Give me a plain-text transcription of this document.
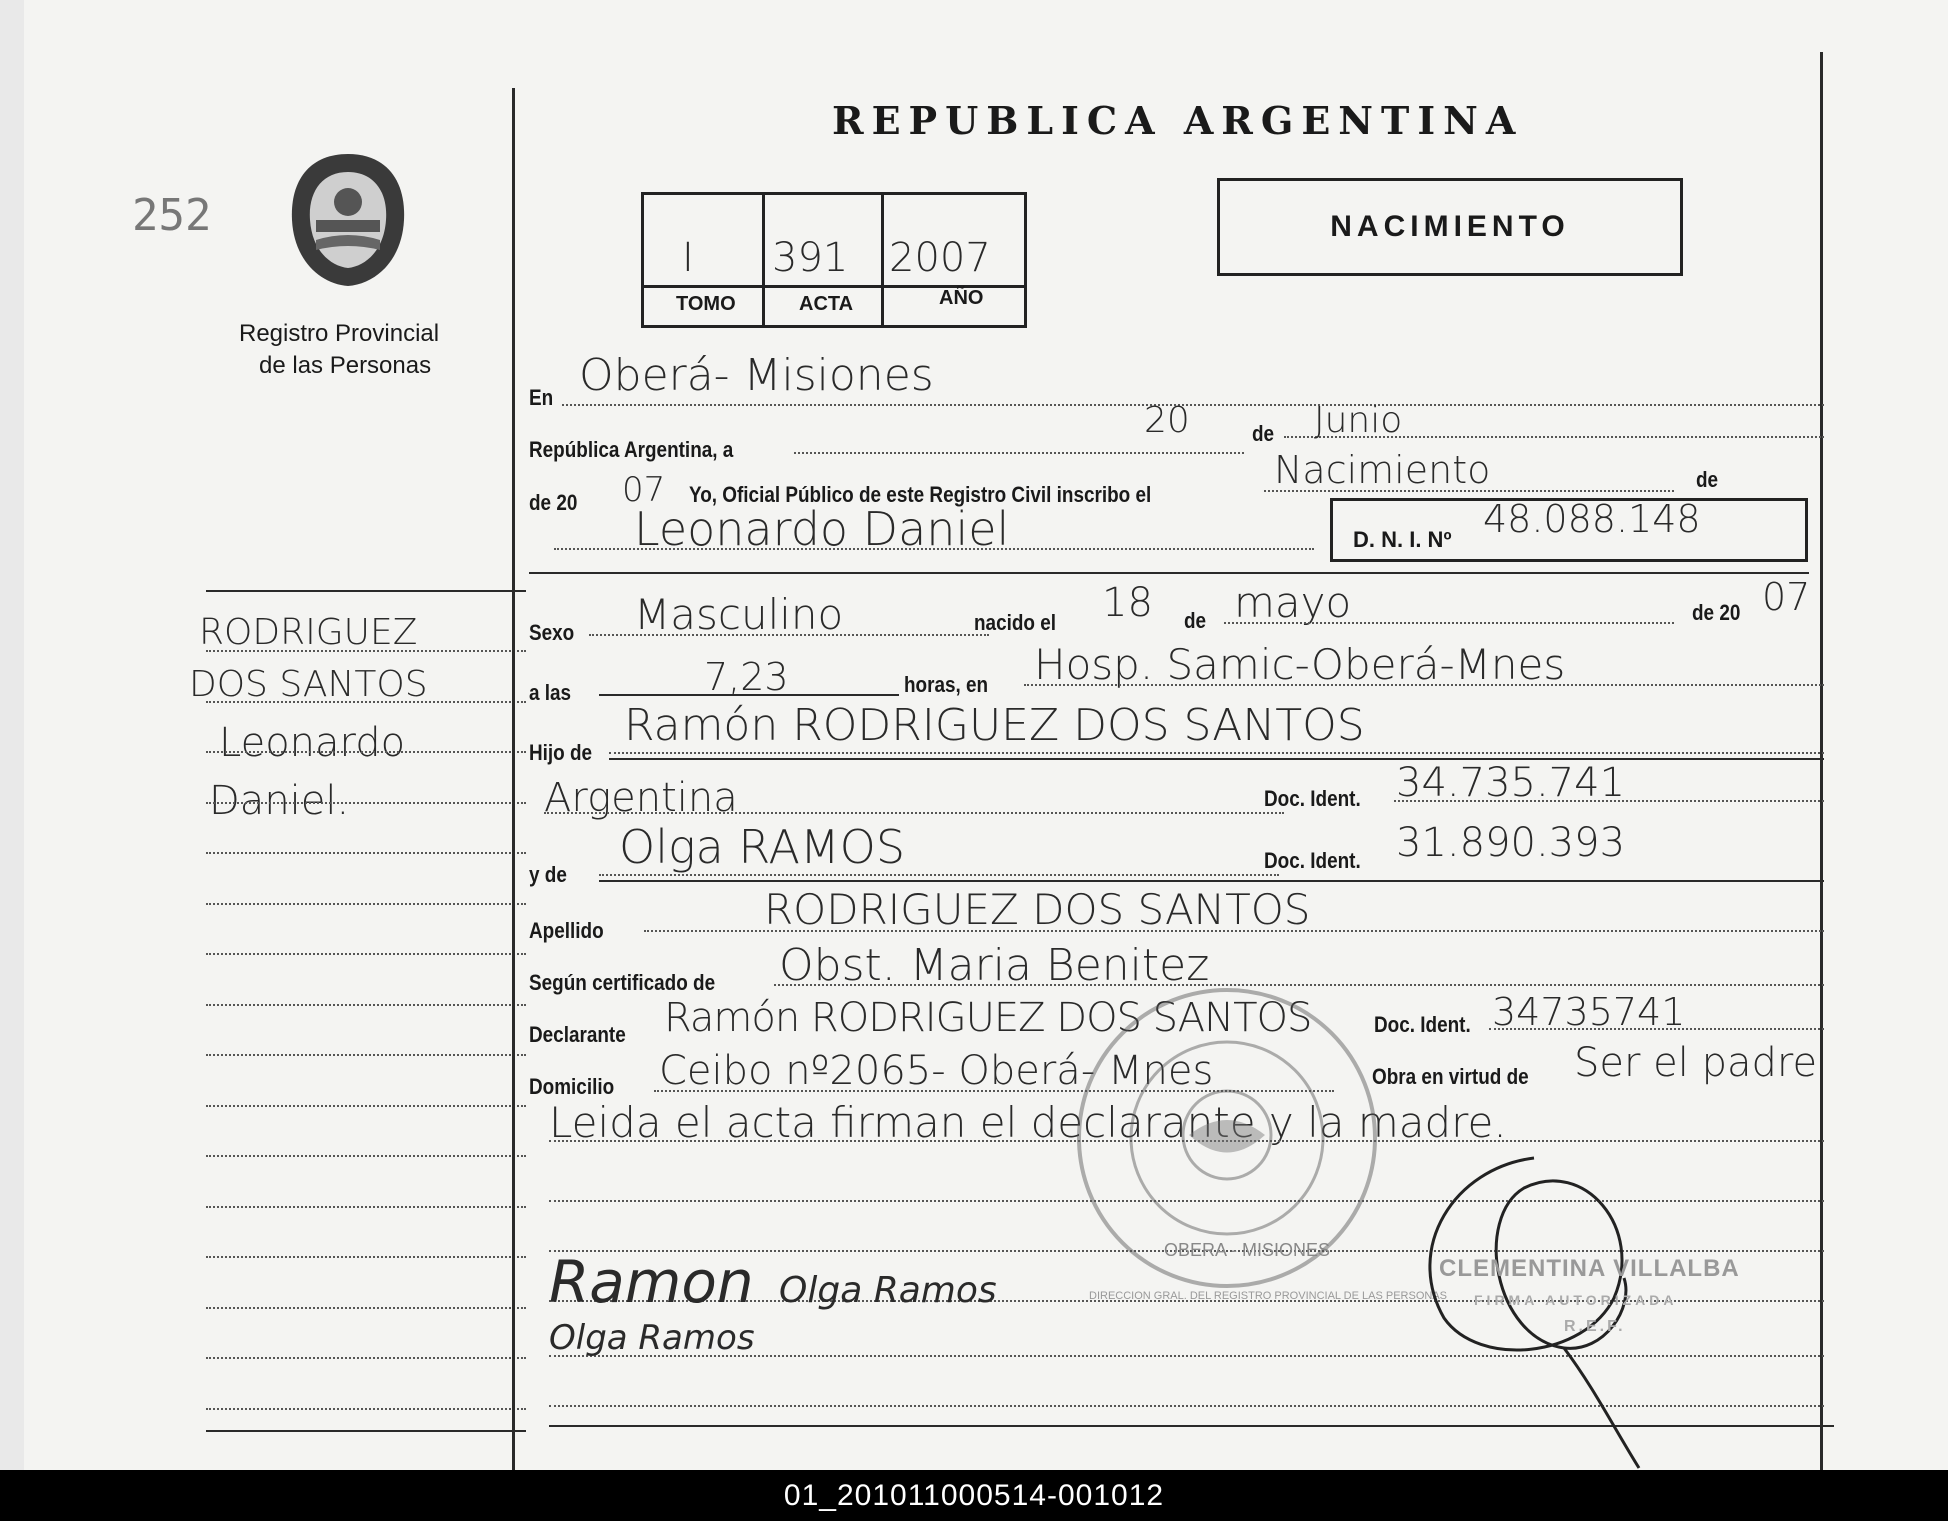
252
Registro Provincial
de las Personas
RODRIGUEZ
DOS SANTOS
Leonardo
Daniel.
REPUBLICA ARGENTINA
I 391 2007
TOMO	ACTA	AÑO
NACIMIENTO
En Oberá- Misiones
República Argentina, a
20	de Junio
de 20 07 Yo, Oficial Público de este Registro Civil inscribo el
Nacimiento	de
Leonardo Daniel	D. N. I. Nº 48.088.148
Sexo Masculino	nacido el 18 de mayo	de 20 07
a las	7,23	horas, en Hosp. Samic-Oberá-Mnes
Hijo de
Ramón RODRIGUEZ DOS SANTOS
Argentina	Doc. Ident. 34.735.741
y de
Olga RAMOS	Doc. Ident. 31.890.393
Apellido	RODRIGUEZ DOS SANTOS
Según certificado de Obst. Maria Benitez
Declarante Ramón RODRIGUEZ DOS SANTOS	Doc. Ident. 34735741
Domicilio Ceibo nº2065- Oberá- Mnes	Obra en virtud de Ser el padre
Leida el acta firman el declarante y la madre.
Ramon Olga Ramos
Olga Ramos
DIRECCION GRAL. DEL REGISTRO PROVINCIAL DE LAS PERSONAS
OBERA - MISIONES
CLEMENTINA VILLALBA
FIRMA AUTORIZADA
R.E.F.
01_201011000514-001012
